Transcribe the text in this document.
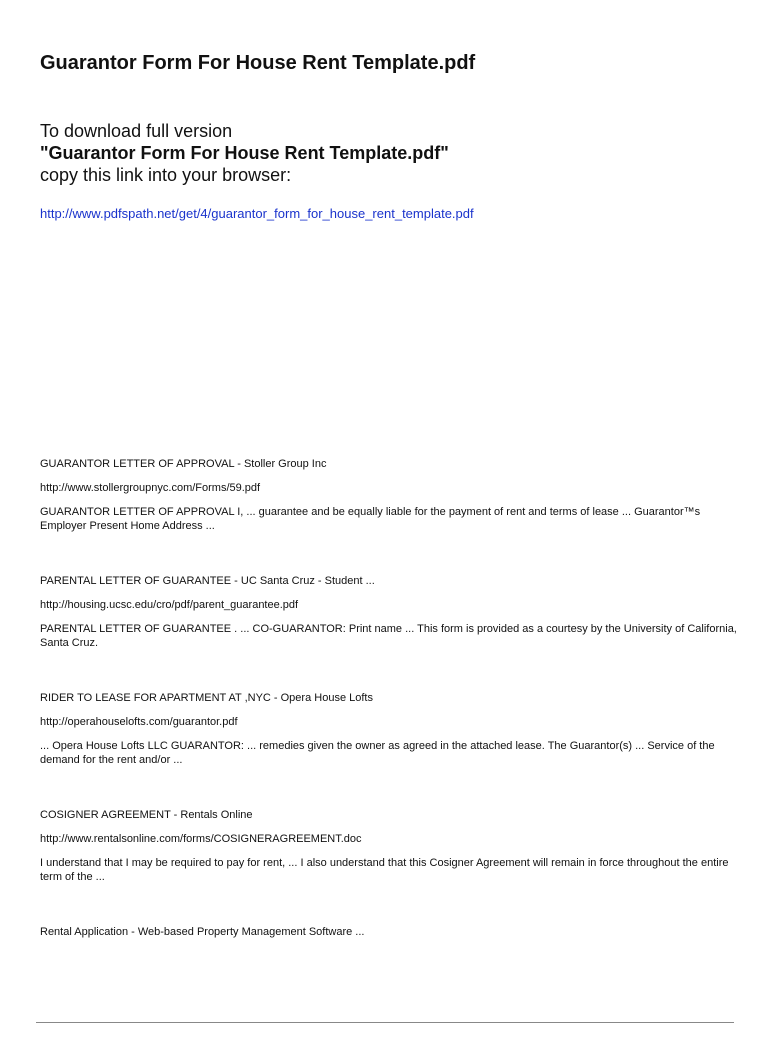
Guarantor Form For House Rent Template.pdf
To download full version
"Guarantor Form For House Rent Template.pdf"
copy this link into your browser:
http://www.pdfspath.net/get/4/guarantor_form_for_house_rent_template.pdf

GUARANTOR LETTER OF APPROVAL - Stoller Group Inc

http://www.stollergroupnyc.com/Forms/59.pdf

GUARANTOR LETTER OF APPROVAL I, ... guarantee and be equally liable for the payment of rent and terms of lease ... Guarantor™s Employer Present Home Address ...

PARENTAL LETTER OF GUARANTEE - UC Santa Cruz - Student ...

http://housing.ucsc.edu/cro/pdf/parent_guarantee.pdf

PARENTAL LETTER OF GUARANTEE . ... CO-GUARANTOR: Print name ... This form is provided as a courtesy by the University of California, Santa Cruz.

RIDER TO LEASE FOR APARTMENT AT ,NYC - Opera House Lofts

http://operahouselofts.com/guarantor.pdf

... Opera House Lofts LLC GUARANTOR: ... remedies given the owner as agreed in the attached lease. The Guarantor(s) ... Service of the demand for the rent and/or ...

COSIGNER AGREEMENT - Rentals Online

http://www.rentalsonline.com/forms/COSIGNERAGREEMENT.doc

I understand that I may be required to pay for rent, ... I also understand that this Cosigner Agreement will remain in force throughout the entire term of the ...

Rental Application - Web-based Property Management Software ...
